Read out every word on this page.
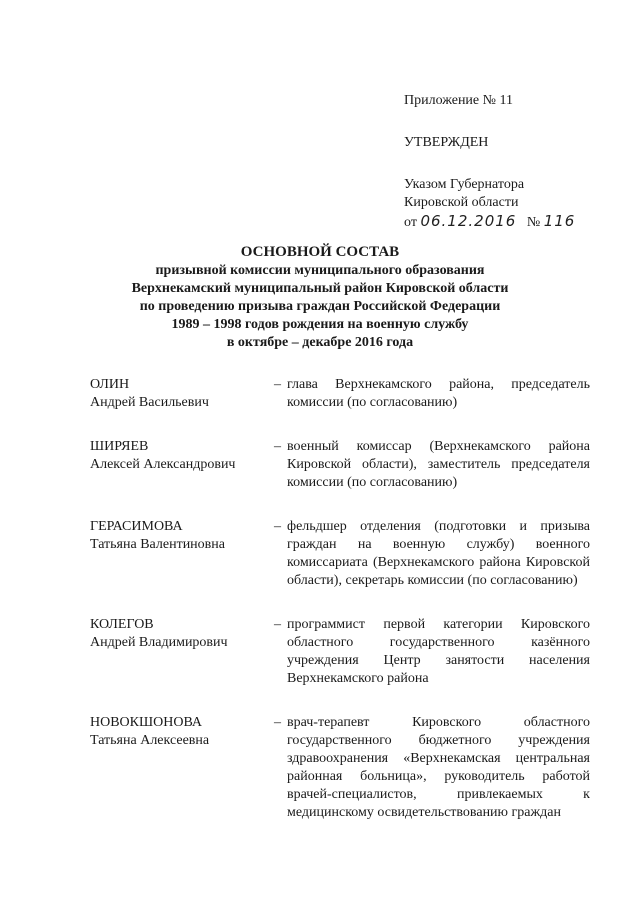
Приложение № 11
УТВЕРЖДЕН
Указом Губернатора
Кировской области
от 06.12.2016 № 116
ОСНОВНОЙ СОСТАВ
призывной комиссии муниципального образования
Верхнекамский муниципальный район Кировской области
по проведению призыва граждан Российской Федерации
1989 – 1998 годов рождения на военную службу
в октябре – декабре 2016 года
ОЛИН
Андрей Васильевич
– глава Верхнекамского района, председатель комиссии (по согласованию)
ШИРЯЕВ
Алексей Александрович
– военный комиссар (Верхнекамского района Кировской области), заместитель председателя комиссии (по согласованию)
ГЕРАСИМОВА
Татьяна Валентиновна
– фельдшер отделения (подготовки и призыва граждан на военную службу) военного комиссариата (Верхнекамского района Кировской области), секретарь комиссии (по согласованию)
КОЛЕГОВ
Андрей Владимирович
– программист первой категории Кировского областного государственного казённого учреждения Центр занятости населения Верхнекамского района
НОВОКШОНОВА
Татьяна Алексеевна
– врач-терапевт Кировского областного государственного бюджетного учреждения здравоохранения «Верхнекамская центральная районная больница», руководитель работой врачей-специалистов, привлекаемых к медицинскому освидетельствованию граждан
